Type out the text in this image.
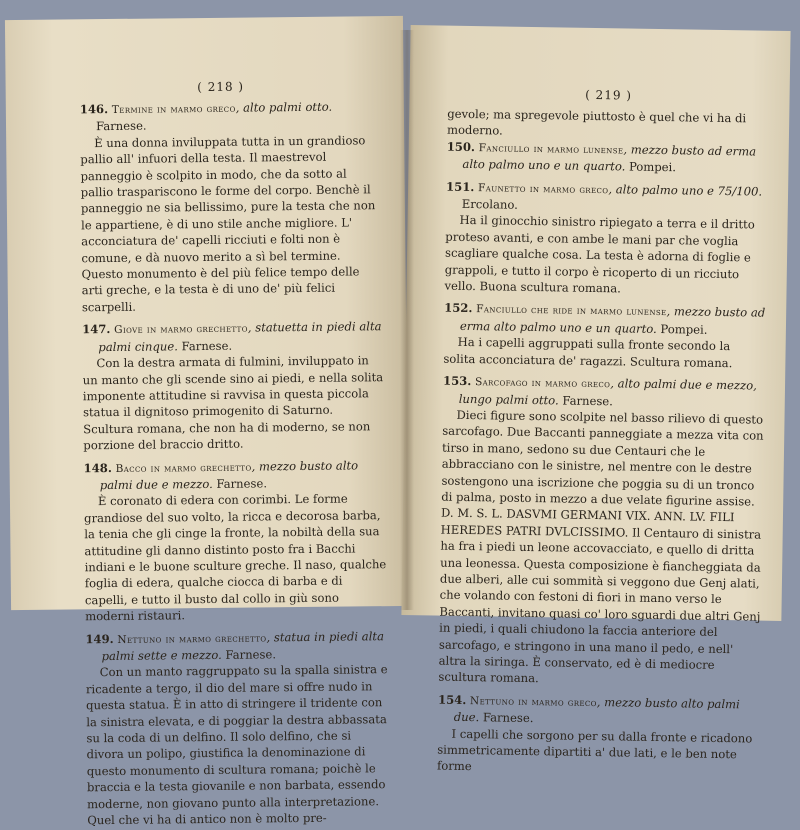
( 218 )

146. Termine in marmo greco, alto palmi otto. Farnese.

È una donna inviluppata tutta in un grandioso pallio all' infuori della testa. Il maestrevol panneggio è scolpito in modo, che da sotto al pallio traspariscono le forme del corpo. Benchè il panneggio ne sia bellissimo, pure la testa che non le appartiene, è di uno stile anche migliore. L' acconciatura de' capelli ricciuti e folti non è comune, e dà nuovo merito a sì bel termine. Questo monumento è del più felice tempo delle arti greche, e la testa è di uno de' più felici scarpelli.

147. Giove in marmo grechetto, statuetta in piedi alta palmi cinque. Farnese.

Con la destra armata di fulmini, inviluppato in un manto che gli scende sino ai piedi, e nella solita imponente attitudine si ravvisa in questa piccola statua il dignitoso primogenito di Saturno. Scultura romana, che non ha di moderno, se non porzione del braccio dritto.

148. Bacco in marmo grechetto, mezzo busto alto palmi due e mezzo. Farnese.

È coronato di edera con corimbi. Le forme grandiose del suo volto, la ricca e decorosa barba, la tenia che gli cinge la fronte, la nobiltà della sua attitudine gli danno distinto posto fra i Bacchi indiani e le buone sculture greche. Il naso, qualche foglia di edera, qualche ciocca di barba e di capelli, e tutto il busto dal collo in giù sono moderni ristauri.

149. Nettuno in marmo grechetto, statua in piedi alta palmi sette e mezzo. Farnese.

Con un manto raggruppato su la spalla sinistra e ricadente a tergo, il dio del mare si offre nudo in questa statua. È in atto di stringere il tridente con la sinistra elevata, e di poggiar la destra abbassata su la coda di un delfino. Il solo delfino, che si divora un polipo, giustifica la denominazione di questo monumento di scultura romana; poichè le braccia e la testa giovanile e non barbata, essendo moderne, non giovano punto alla interpretazione. Quel che vi ha di antico non è molto pre-

( 219 )

gevole; ma spregevole piuttosto è quel che vi ha di moderno.

150. Fanciullo in marmo lunense, mezzo busto ad erma alto palmo uno e un quarto. Pompei.

151. Faunetto in marmo greco, alto palmo uno e 75/100. Ercolano.

Ha il ginocchio sinistro ripiegato a terra e il dritto proteso avanti, e con ambe le mani par che voglia scagliare qualche cosa. La testa è adorna di foglie e grappoli, e tutto il corpo è ricoperto di un ricciuto vello. Buona scultura romana.

152. Fanciullo che ride in marmo lunense, mezzo busto ad erma alto palmo uno e un quarto. Pompei.

Ha i capelli aggruppati sulla fronte secondo la solita acconciatura de' ragazzi. Scultura romana.

153. Sarcofago in marmo greco, alto palmi due e mezzo, lungo palmi otto. Farnese.

Dieci figure sono scolpite nel basso rilievo di questo sarcofago. Due Baccanti panneggiate a mezza vita con tirso in mano, sedono su due Centauri che le abbracciano con le sinistre, nel mentre con le destre sostengono una iscrizione che poggia su di un tronco di palma, posto in mezzo a due velate figurine assise. D. M. S. L. DASVMI GERMANI VIX. ANN. LV. FILI HEREDES PATRI DVLCISSIMO. Il Centauro di sinistra ha fra i piedi un leone accovacciato, e quello di dritta una leonessa. Questa composizione è fiancheggiata da due alberi, alle cui sommità si veggono due Genj alati, che volando con festoni di fiori in mano verso le Baccanti, invitano quasi co' loro sguardi due altri Genj in piedi, i quali chiudono la faccia anteriore del sarcofago, e stringono in una mano il pedo, e nell' altra la siringa. È conservato, ed è di mediocre scultura romana.

154. Nettuno in marmo greco, mezzo busto alto palmi due. Farnese.

I capelli che sorgono per su dalla fronte e ricadono simmetricamente dipartiti a' due lati, e le ben note forme
